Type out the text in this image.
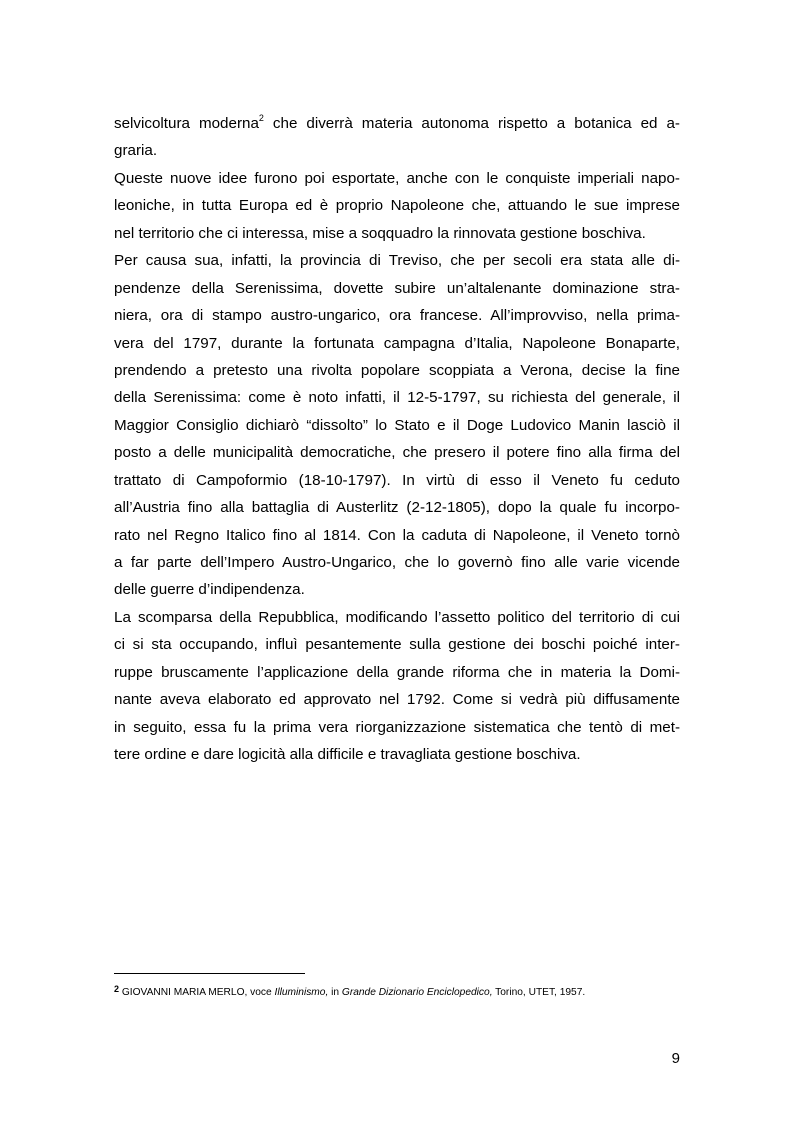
selvicoltura moderna$^2$ che diverrà materia autonoma rispetto a botanica ed a-
graria.
Queste nuove idee furono poi esportate, anche con le conquiste imperiali napo-
leoniche, in tutta Europa ed è proprio Napoleone che, attuando le sue imprese
nel territorio che ci interessa, mise a soqquadro la rinnovata gestione boschiva.
Per causa sua, infatti, la provincia di Treviso, che per secoli era stata alle di-
pendenze della Serenissima, dovette subire un’altalenante dominazione stra-
niera, ora di stampo austro-ungarico, ora francese. All’improvviso, nella prima-
vera del 1797, durante la fortunata campagna d’Italia, Napoleone Bonaparte,
prendendo a pretesto una rivolta popolare scoppiata a Verona, decise la fine
della Serenissima: come è noto infatti, il 12-5-1797, su richiesta del generale, il
Maggior Consiglio dichiarò “dissolto” lo Stato e il Doge Ludovico Manin lasciò il
posto a delle municipalità democratiche, che presero il potere fino alla firma del
trattato di Campoformio (18-10-1797). In virtù di esso il Veneto fu ceduto
all’Austria fino alla battaglia di Austerlitz (2-12-1805), dopo la quale fu incorpo-
rato nel Regno Italico fino al 1814. Con la caduta di Napoleone, il Veneto tornò
a far parte dell’Impero Austro-Ungarico, che lo governò fino alle varie vicende
delle guerre d’indipendenza.
La scomparsa della Repubblica, modificando l’assetto politico del territorio di cui
ci si sta occupando, influì pesantemente sulla gestione dei boschi poiché inter-
ruppe bruscamente l’applicazione della grande riforma che in materia la Domi-
nante aveva elaborato ed approvato nel 1792. Come si vedrà più diffusamente
in seguito, essa fu la prima vera riorganizzazione sistematica che tentò di met-
tere ordine e dare logicità alla difficile e travagliata gestione boschiva.
2 GIOVANNI MARIA MERLO, voce Illuminismo, in Grande Dizionario Enciclopedico, Torino, UTET, 1957.
9
